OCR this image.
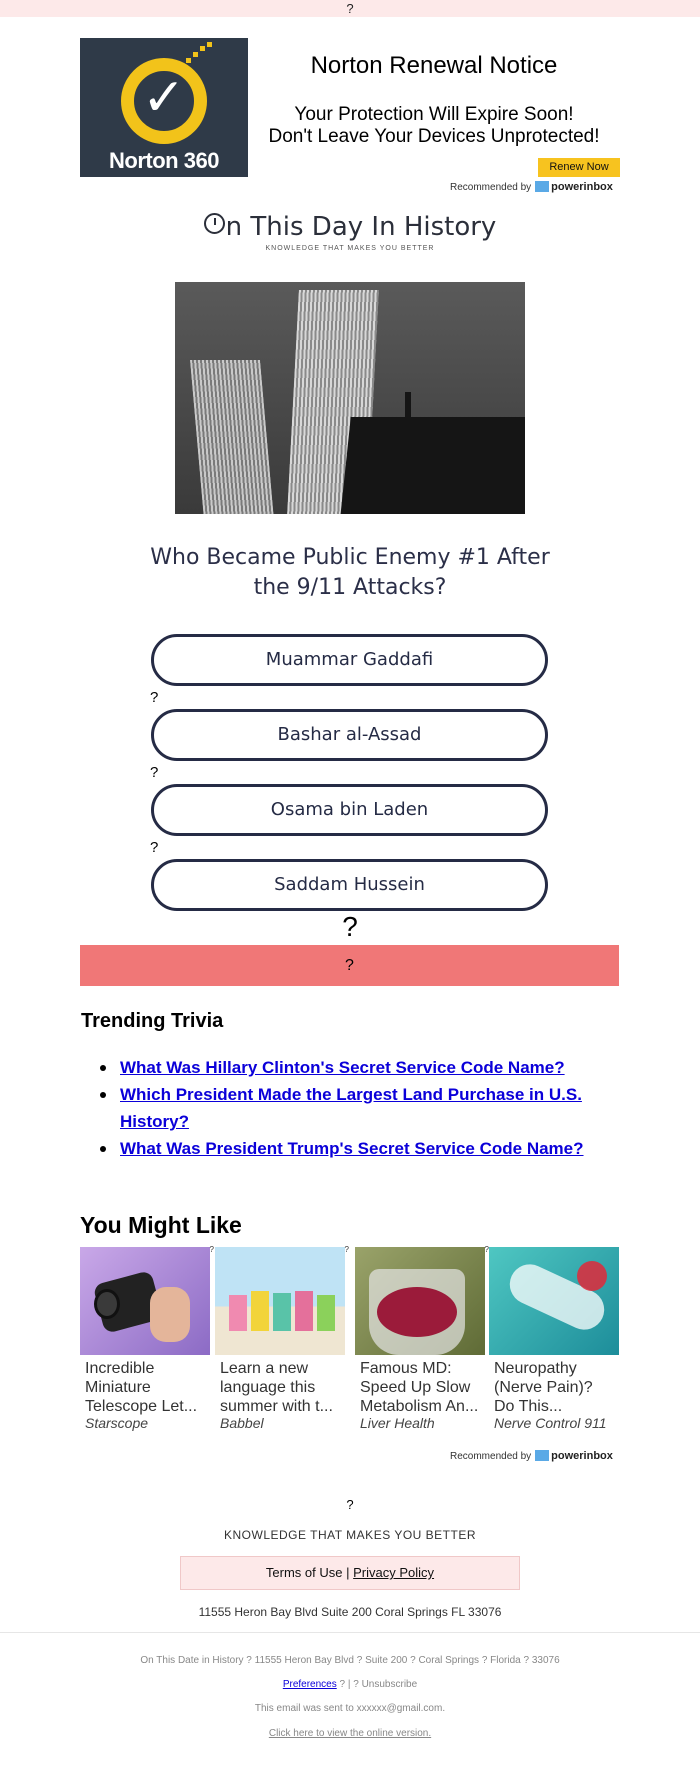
?
✓
Norton 360
Norton Renewal Notice
Your Protection Will Expire Soon!
Don't Leave Your Devices Unprotected!
Renew Now
Recommended by powerinbox
n This Day In History
KNOWLEDGE THAT MAKES YOU BETTER
Who Became Public Enemy #1 After
the 9/11 Attacks?
Muammar Gaddafi
?
Bashar al-Assad
?
Osama bin Laden
?
Saddam Hussein
?
?
Trending Trivia
What Was Hillary Clinton's Secret Service Code Name?
Which President Made the Largest Land Purchase in U.S. History?
What Was President Trump's Secret Service Code Name?
You Might Like
Incredible
Miniature
Telescope Let...
Starscope
?
Learn a new
language this
summer with t...
Babbel
?
Famous MD:
Speed Up Slow
Metabolism An...
Liver Health
?
Neuropathy
(Nerve Pain)?
Do This...
Nerve Control 911
Recommended by powerinbox
?
KNOWLEDGE THAT MAKES YOU BETTER
Terms of Use | Privacy Policy
11555 Heron Bay Blvd Suite 200 Coral Springs FL 33076
On This Date in History ? 11555 Heron Bay Blvd ? Suite 200 ? Coral Springs ? Florida ? 33076
Preferences ? | ? Unsubscribe
This email was sent to xxxxxx@gmail.com.
Click here to view the online version.
